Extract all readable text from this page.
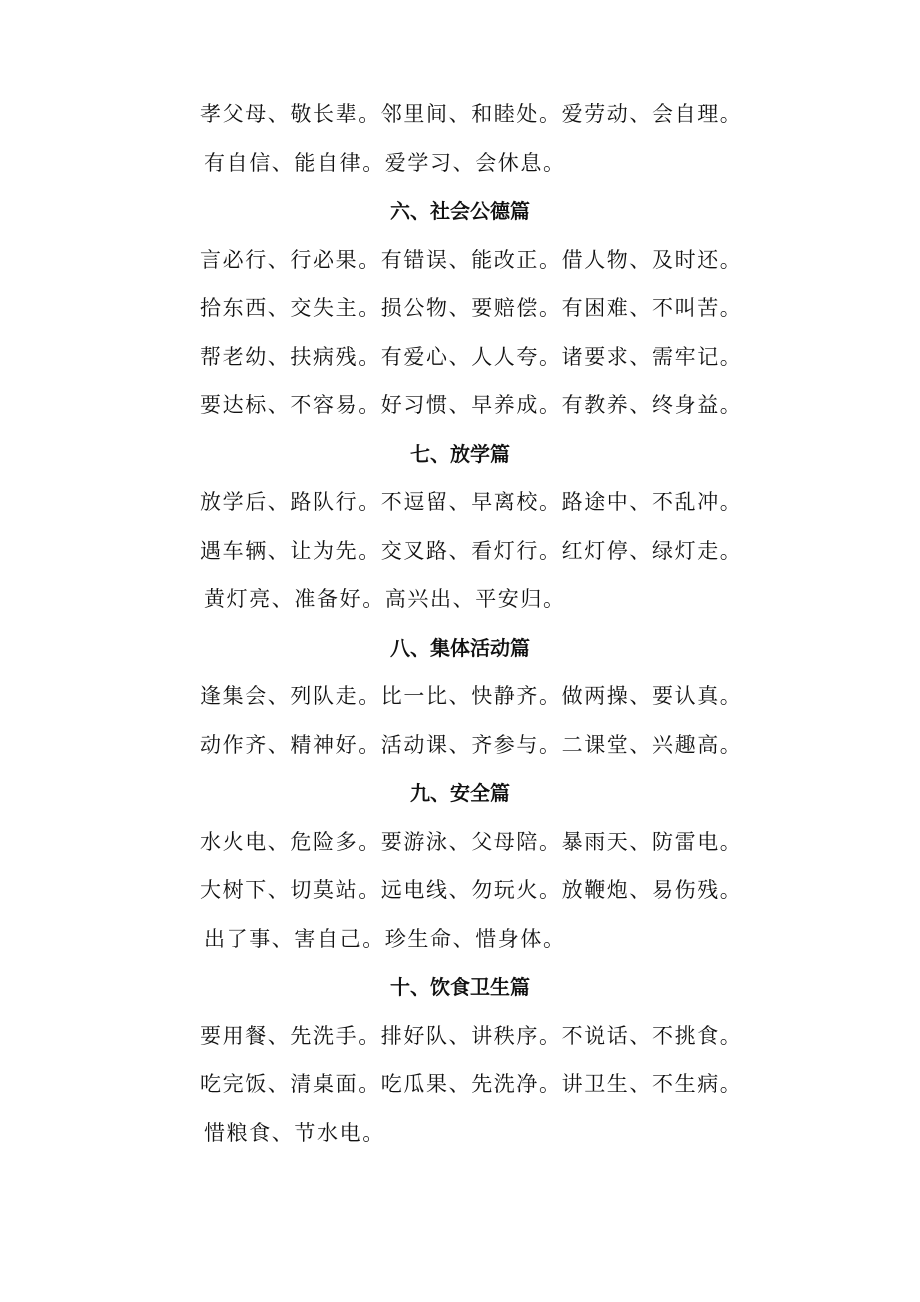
孝父母、敬长辈。邻里间、和睦处。爱劳动、会自理。
有自信、能自律。爱学习、会休息。
六、社会公德篇
言必行、行必果。有错误、能改正。借人物、及时还。
拾东西、交失主。损公物、要赔偿。有困难、不叫苦。
帮老幼、扶病残。有爱心、人人夸。诸要求、需牢记。
要达标、不容易。好习惯、早养成。有教养、终身益。
七、放学篇
放学后、路队行。不逗留、早离校。路途中、不乱冲。
遇车辆、让为先。交叉路、看灯行。红灯停、绿灯走。
黄灯亮、准备好。高兴出、平安归。
八、集体活动篇
逢集会、列队走。比一比、快静齐。做两操、要认真。
动作齐、精神好。活动课、齐参与。二课堂、兴趣高。
九、安全篇
水火电、危险多。要游泳、父母陪。暴雨天、防雷电。
大树下、切莫站。远电线、勿玩火。放鞭炮、易伤残。
出了事、害自己。珍生命、惜身体。
十、饮食卫生篇
要用餐、先洗手。排好队、讲秩序。不说话、不挑食。
吃完饭、清桌面。吃瓜果、先洗净。讲卫生、不生病。
惜粮食、节水电。
